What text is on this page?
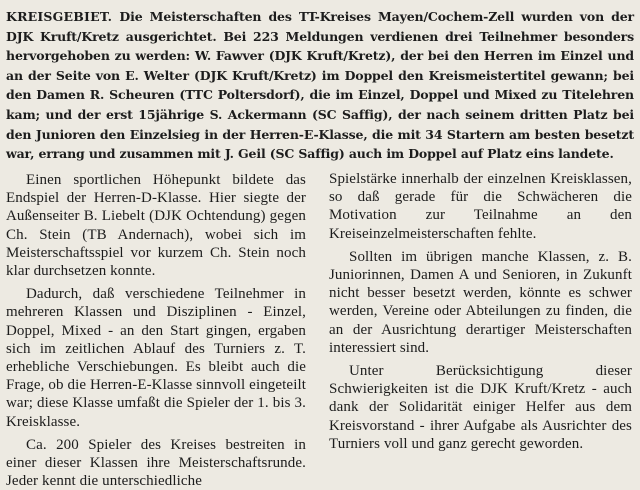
KREISGEBIET. Die Meisterschaften des TT-Kreises Mayen/Cochem-Zell wurden von der DJK Kruft/Kretz ausgerichtet. Bei 223 Meldungen verdienen drei Teilnehmer besonders hervorgehoben zu werden: W. Fawver (DJK Kruft/Kretz), der bei den Herren im Einzel und an der Seite von E. Welter (DJK Kruft/Kretz) im Doppel den Kreismeistertitel gewann; bei den Damen R. Scheuren (TTC Poltersdorf), die im Einzel, Doppel und Mixed zu Titelehren kam; und der erst 15jährige S. Ackermann (SC Saffig), der nach seinem dritten Platz bei den Junioren den Einzelsieg in der Herren-E-Klasse, die mit 34 Startern am besten besetzt war, errang und zusammen mit J. Geil (SC Saffig) auch im Doppel auf Platz eins landete.

Einen sportlichen Höhepunkt bildete das Endspiel der Herren-D-Klasse. Hier siegte der Außenseiter B. Liebelt (DJK Ochtendung) gegen Ch. Stein (TB Andernach), wobei sich im Meisterschaftsspiel vor kurzem Ch. Stein noch klar durchsetzen konnte.

Dadurch, daß verschiedene Teilnehmer in mehreren Klassen und Disziplinen - Einzel, Doppel, Mixed - an den Start gingen, ergaben sich im zeitlichen Ablauf des Turniers z. T. erhebliche Verschiebungen. Es bleibt auch die Frage, ob die Herren-E-Klasse sinnvoll eingeteilt war; diese Klasse umfaßt die Spieler der 1. bis 3. Kreisklasse.

Ca. 200 Spieler des Kreises bestreiten in einer dieser Klassen ihre Meisterschaftsrunde. Jeder kennt die unterschiedliche

Spielstärke innerhalb der einzelnen Kreisklassen, so daß gerade für die Schwächeren die Motivation zur Teilnahme an den Kreiseinzelmeisterschaften fehlte.

Sollten im übrigen manche Klassen, z. B. Juniorinnen, Damen A und Senioren, in Zukunft nicht besser besetzt werden, könnte es schwer werden, Vereine oder Abteilungen zu finden, die an der Ausrichtung derartiger Meisterschaften interessiert sind.

Unter Berücksichtigung dieser Schwierigkeiten ist die DJK Kruft/Kretz - auch dank der Solidarität einiger Helfer aus dem Kreisvorstand - ihrer Aufgabe als Ausrichter des Turniers voll und ganz gerecht geworden.
